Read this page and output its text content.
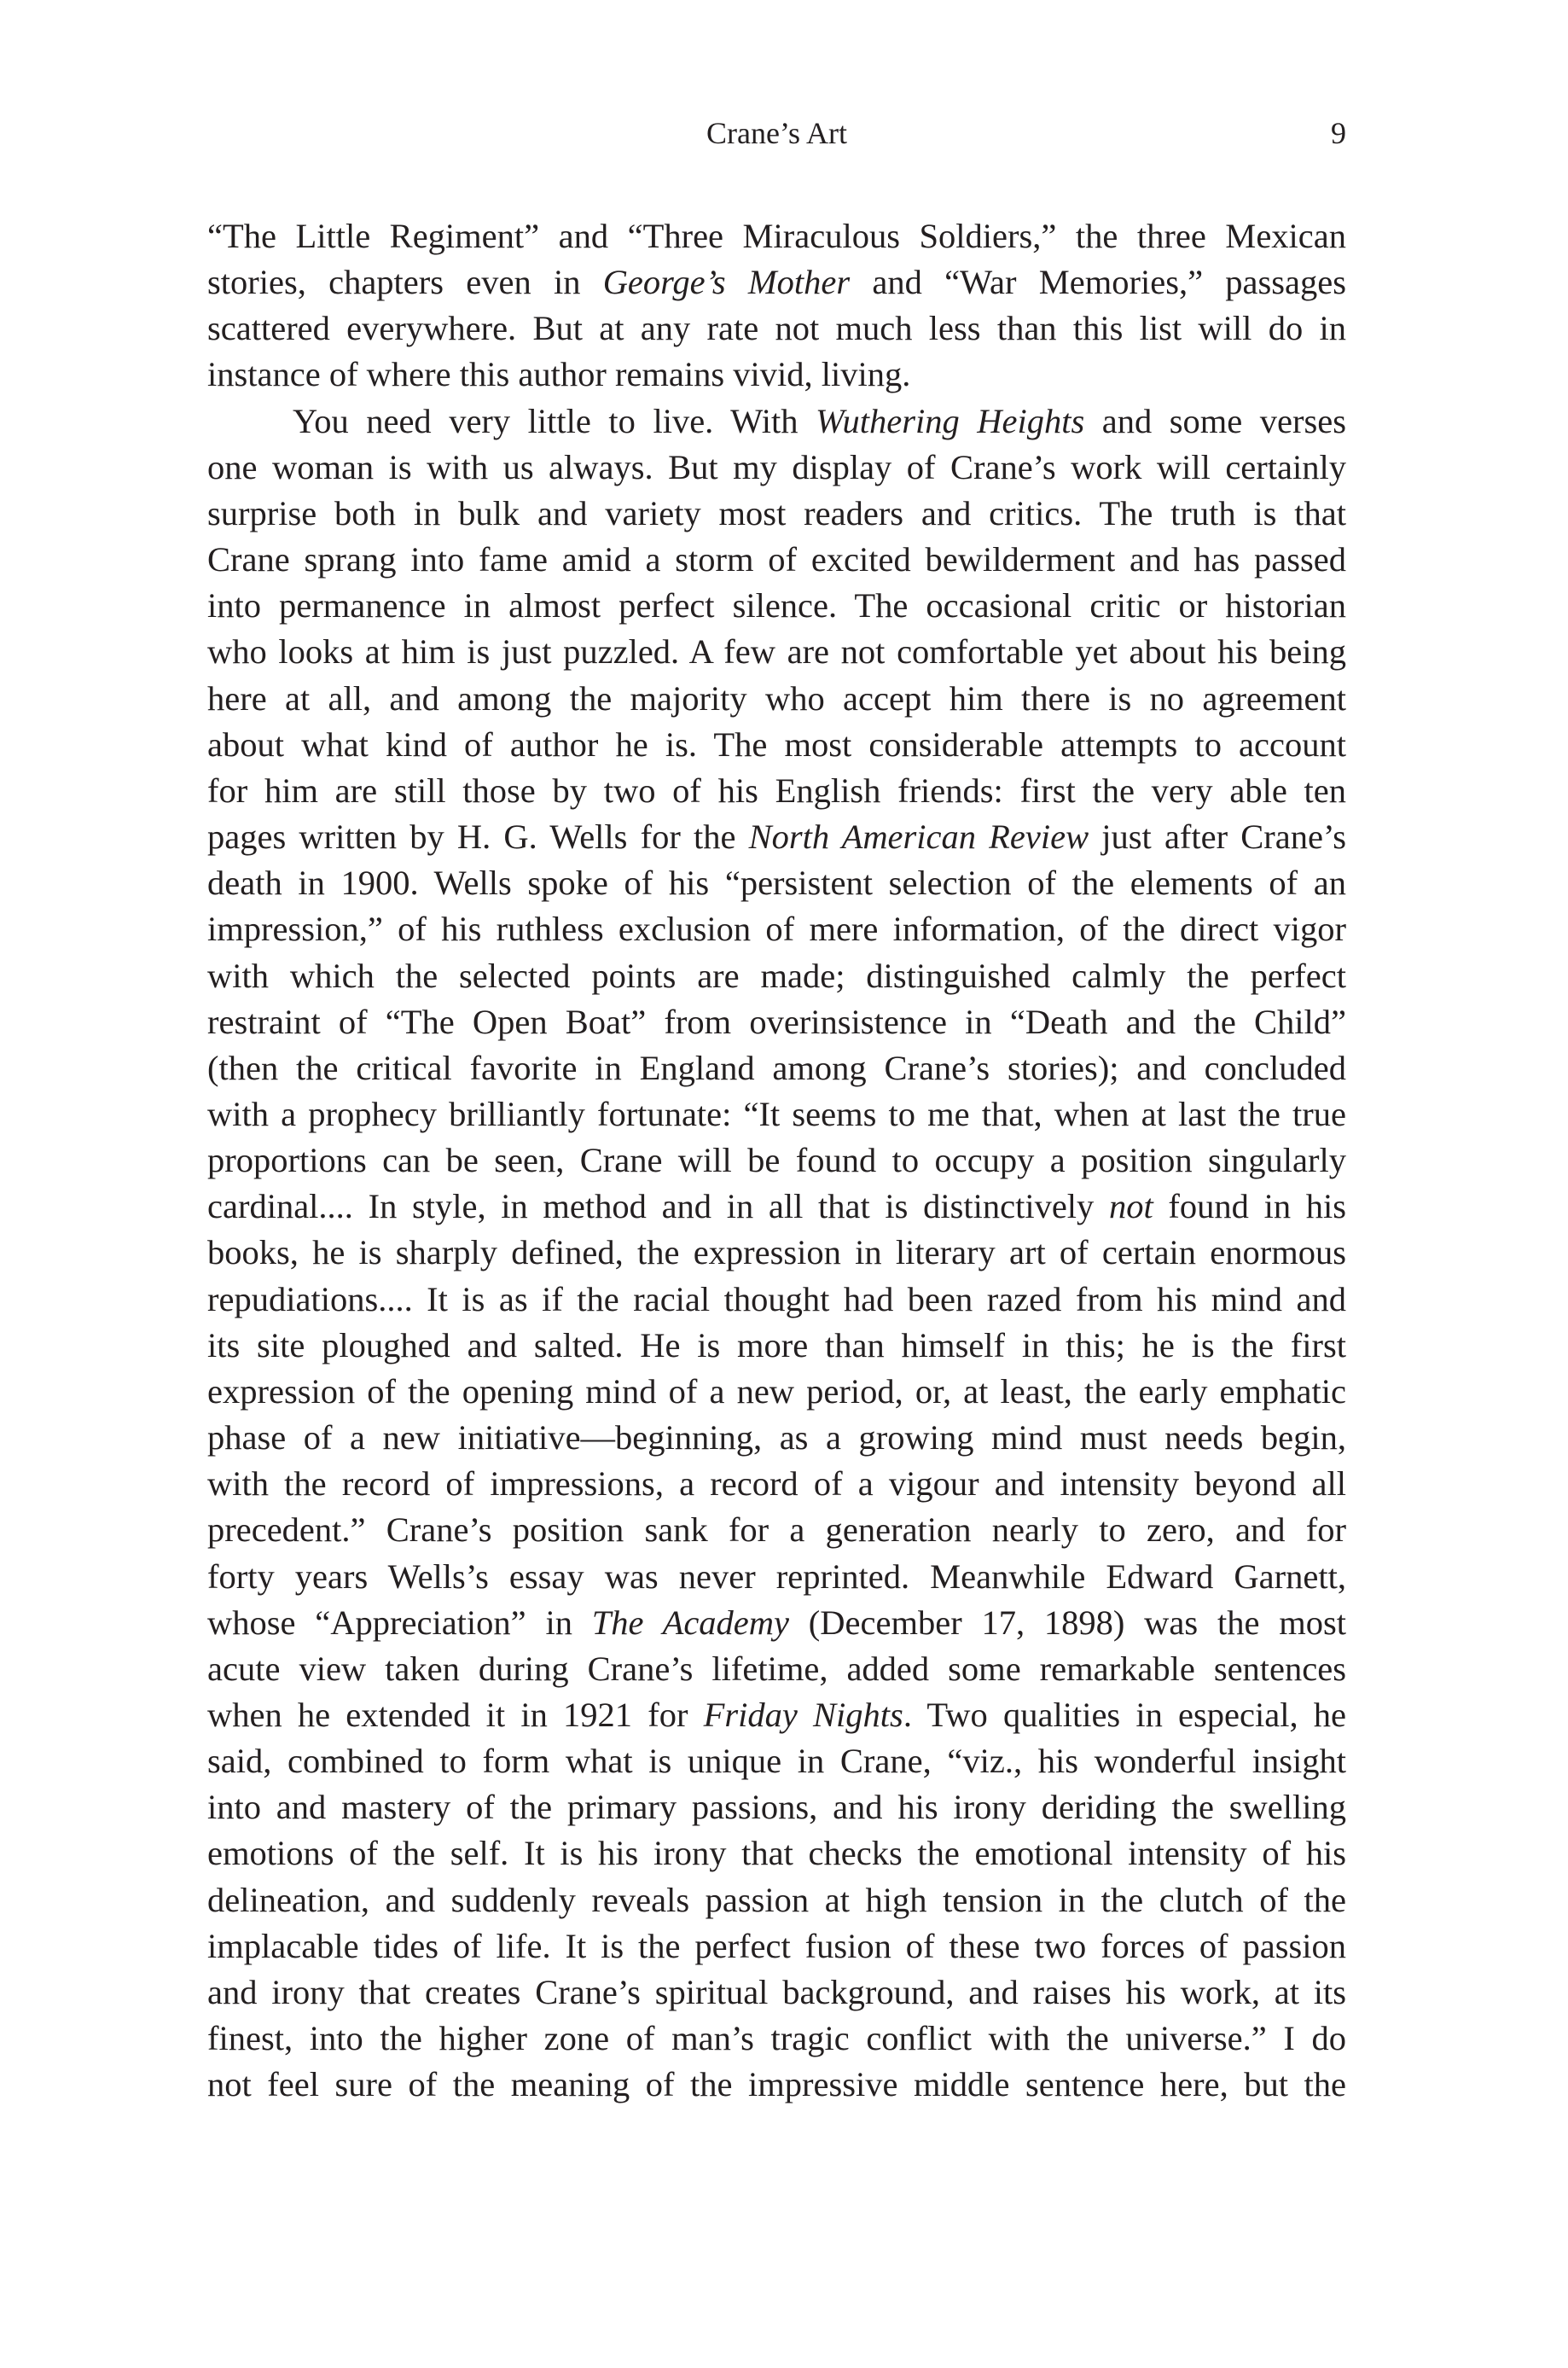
Crane’s Art	9

“The Little Regiment” and “Three Miraculous Soldiers,” the three Mexican
stories, chapters even in George’s Mother and “War Memories,” passages
scattered everywhere. But at any rate not much less than this list will do in
instance of where this author remains vivid, living.

You need very little to live. With Wuthering Heights and some verses
one woman is with us always. But my display of Crane’s work will certainly
surprise both in bulk and variety most readers and critics. The truth is that
Crane sprang into fame amid a storm of excited bewilderment and has passed
into permanence in almost perfect silence. The occasional critic or historian
who looks at him is just puzzled. A few are not comfortable yet about his being
here at all, and among the majority who accept him there is no agreement
about what kind of author he is. The most considerable attempts to account
for him are still those by two of his English friends: first the very able ten
pages written by H. G. Wells for the North American Review just after Crane’s
death in 1900. Wells spoke of his “persistent selection of the elements of an
impression,” of his ruthless exclusion of mere information, of the direct vigor
with which the selected points are made; distinguished calmly the perfect
restraint of “The Open Boat” from overinsistence in “Death and the Child”
(then the critical favorite in England among Crane’s stories); and concluded
with a prophecy brilliantly fortunate: “It seems to me that, when at last the true
proportions can be seen, Crane will be found to occupy a position singularly
cardinal.... In style, in method and in all that is distinctively not found in his
books, he is sharply defined, the expression in literary art of certain enormous
repudiations.... It is as if the racial thought had been razed from his mind and
its site ploughed and salted. He is more than himself in this; he is the first
expression of the opening mind of a new period, or, at least, the early emphatic
phase of a new initiative—beginning, as a growing mind must needs begin,
with the record of impressions, a record of a vigour and intensity beyond all
precedent.” Crane’s position sank for a generation nearly to zero, and for
forty years Wells’s essay was never reprinted. Meanwhile Edward Garnett,
whose “Appreciation” in The Academy (December 17, 1898) was the most
acute view taken during Crane’s lifetime, added some remarkable sentences
when he extended it in 1921 for Friday Nights. Two qualities in especial, he
said, combined to form what is unique in Crane, “viz., his wonderful insight
into and mastery of the primary passions, and his irony deriding the swelling
emotions of the self. It is his irony that checks the emotional intensity of his
delineation, and suddenly reveals passion at high tension in the clutch of the
implacable tides of life. It is the perfect fusion of these two forces of passion
and irony that creates Crane’s spiritual background, and raises his work, at its
finest, into the higher zone of man’s tragic conflict with the universe.” I do
not feel sure of the meaning of the impressive middle sentence here, but the
